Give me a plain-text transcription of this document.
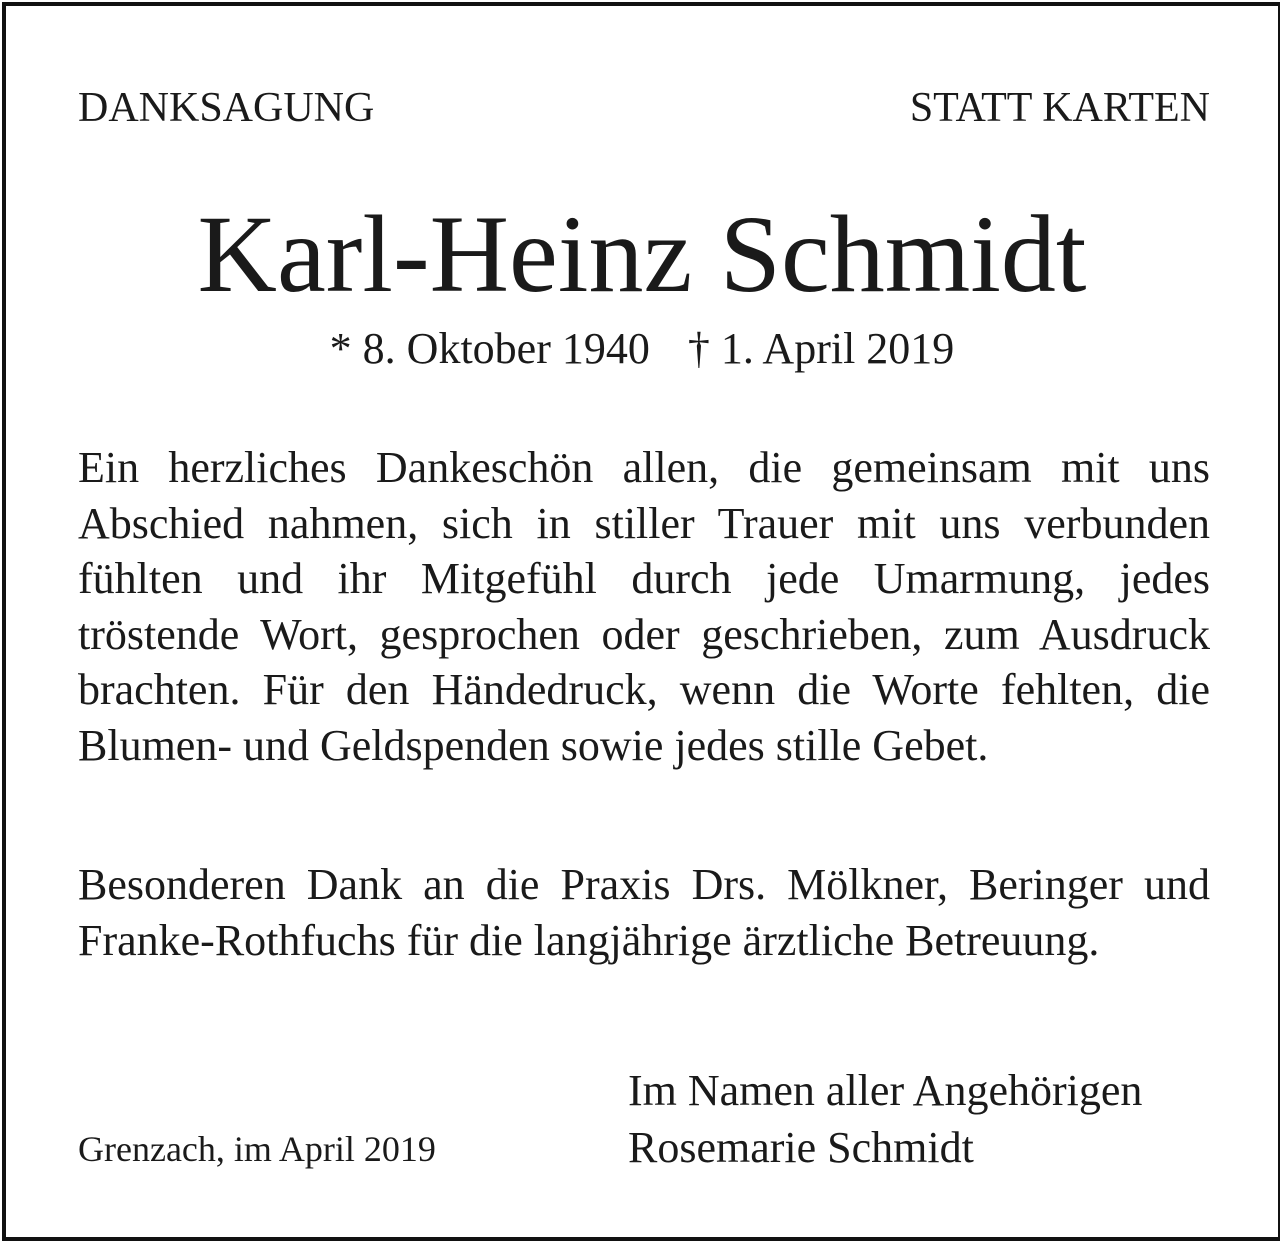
DANKSAGUNG	STATT KARTEN
Karl-Heinz Schmidt
* 8. Oktober 1940 † 1. April 2019

Ein herzliches Dankeschön allen, die gemeinsam mit uns Abschied nahmen, sich in stiller Trauer mit uns verbunden fühlten und ihr Mitgefühl durch jede Umarmung, jedes tröstende Wort, gesprochen oder geschrieben, zum Ausdruck brachten. Für den Händedruck, wenn die Worte fehlten, die Blumen- und Geldspenden sowie jedes stille Gebet.

Besonderen Dank an die Praxis Drs. Mölkner, Beringer und Franke-Rothfuchs für die langjährige ärztliche Betreuung.

Im Namen aller Angehörigen
Rosemarie Schmidt
Grenzach, im April 2019
